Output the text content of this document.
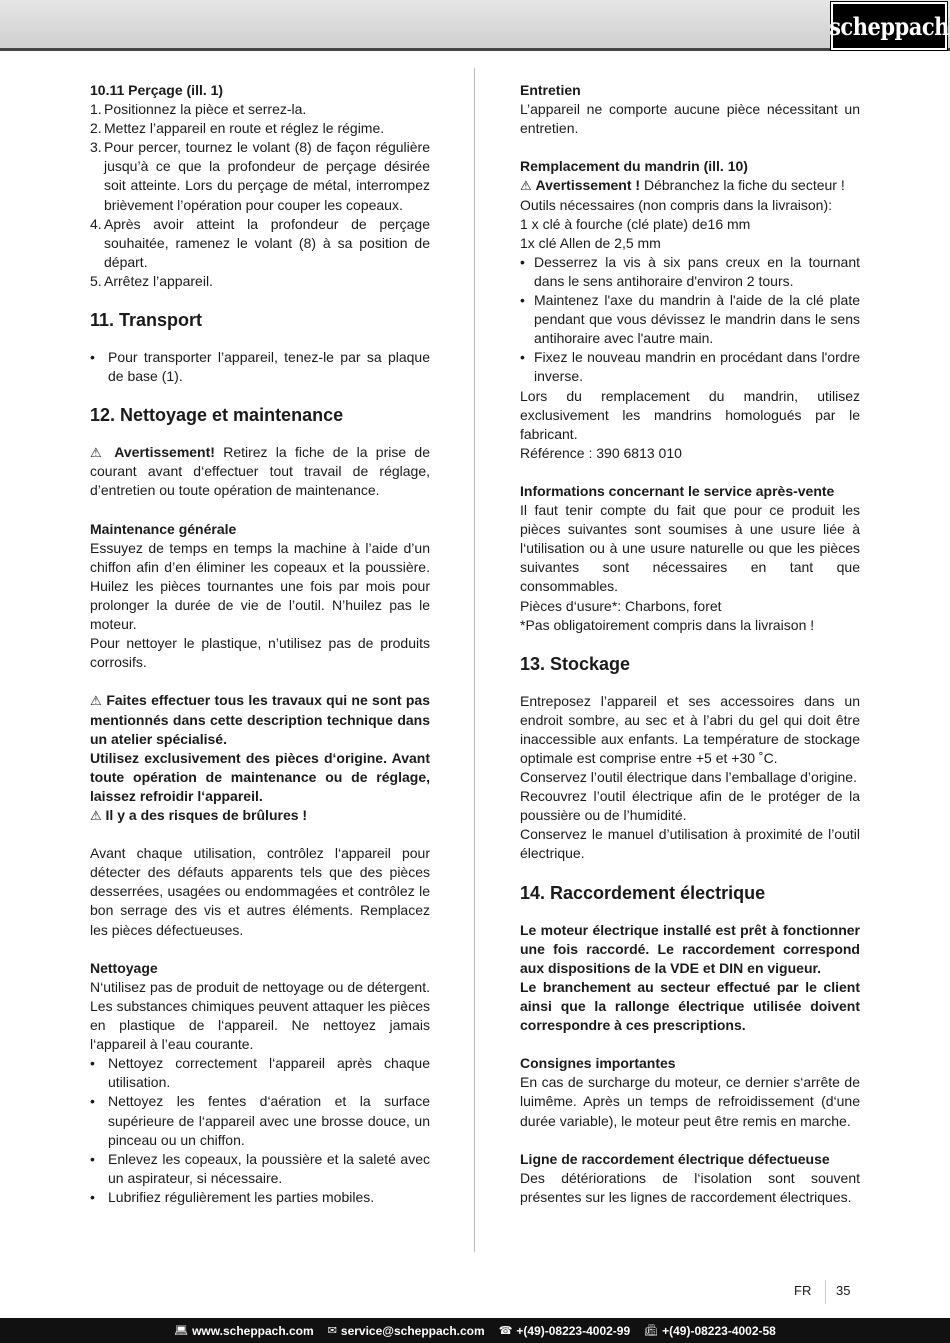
scheppach

10.11 Perçage (ill. 1)

1. Positionnez la pièce et serrez-la.
2. Mettez l’appareil en route et réglez le régime.
3. Pour percer, tournez le volant (8) de façon régulière jusqu’à ce que la profondeur de perçage désirée soit atteinte. Lors du perçage de métal, interrompez brièvement l’opération pour couper les copeaux.
4. Après avoir atteint la profondeur de perçage souhaitée, ramenez le volant (8) à sa position de départ.
5. Arrêtez l’appareil.

11. Transport

• Pour transporter l’appareil, tenez-le par sa plaque de base (1).

12. Nettoyage et maintenance

⚠ Avertissement! Retirez la fiche de la prise de courant avant d‘effectuer tout travail de réglage, d’entretien ou toute opération de maintenance.

Maintenance générale

Essuyez de temps en temps la machine à l’aide d’un chiffon afin d’en éliminer les copeaux et la poussière. Huilez les pièces tournantes une fois par mois pour prolonger la durée de vie de l’outil. N’huilez pas le moteur.

Pour nettoyer le plastique, n’utilisez pas de produits corrosifs.

⚠ Faites effectuer tous les travaux qui ne sont pas mentionnés dans cette description technique dans un atelier spécialisé.

Utilisez exclusivement des pièces d‘origine. Avant toute opération de maintenance ou de réglage, laissez refroidir l‘appareil.

⚠ Il y a des risques de brûlures !

Avant chaque utilisation, contrôlez l‘appareil pour détecter des défauts apparents tels que des pièces desserrées, usagées ou endommagées et contrôlez le bon serrage des vis et autres éléments. Remplacez les pièces défectueuses.

Nettoyage

N‘utilisez pas de produit de nettoyage ou de détergent. Les substances chimiques peuvent attaquer les pièces en plastique de l‘appareil. Ne nettoyez jamais l‘appareil à l’eau courante.

• Nettoyez correctement l‘appareil après chaque utilisation.
• Nettoyez les fentes d‘aération et la surface supérieure de l‘appareil avec une brosse douce, un pinceau ou un chiffon.
• Enlevez les copeaux, la poussière et la saleté avec un aspirateur, si nécessaire.
• Lubrifiez régulièrement les parties mobiles.

Entretien

L’appareil ne comporte aucune pièce nécessitant un entretien.

Remplacement du mandrin (ill. 10)

⚠ Avertissement ! Débranchez la fiche du secteur !

Outils nécessaires (non compris dans la livraison):

1 x clé à fourche (clé plate) de16 mm

1x clé Allen de 2,5 mm

• Desserrez la vis à six pans creux en la tournant dans le sens antihoraire d'environ 2 tours.
• Maintenez l'axe du mandrin à l'aide de la clé plate pendant que vous dévissez le mandrin dans le sens antihoraire avec l'autre main.
• Fixez le nouveau mandrin en procédant dans l'ordre inverse.

Lors du remplacement du mandrin, utilisez exclusivement les mandrins homologués par le fabricant.

Référence : 390 6813 010

Informations concernant le service après-vente

Il faut tenir compte du fait que pour ce produit les pièces suivantes sont soumises à une usure liée à l‘utilisation ou à une usure naturelle ou que les pièces suivantes sont nécessaires en tant que consommables.

Pièces d‘usure*: Charbons, foret

*Pas obligatoirement compris dans la livraison !

13. Stockage

Entreposez l’appareil et ses accessoires dans un endroit sombre, au sec et à l’abri du gel qui doit être inaccessible aux enfants. La température de stockage optimale est comprise entre +5 et +30 ˚C.

Conservez l’outil électrique dans l’emballage d’origine.

Recouvrez l’outil électrique afin de le protéger de la poussière ou de l’humidité.

Conservez le manuel d’utilisation à proximité de l’outil électrique.

14. Raccordement électrique

Le moteur électrique installé est prêt à fonctionner une fois raccordé. Le raccordement correspond aux dispositions de la VDE et DIN en vigueur.

Le branchement au secteur effectué par le client ainsi que la rallonge électrique utilisée doivent correspondre à ces prescriptions.

Consignes importantes

En cas de surcharge du moteur, ce dernier s‘arrête de luimême. Après un temps de refroidissement (d‘une durée variable), le moteur peut être remis en marche.

Ligne de raccordement électrique défectueuse

Des détériorations de l‘isolation sont souvent présentes sur les lignes de raccordement électriques.

FR 35
💻︎ www.scheppach.com ✉ service@scheppach.com ☎ +(49)-08223-4002-99 📠︎ +(49)-08223-4002-58
